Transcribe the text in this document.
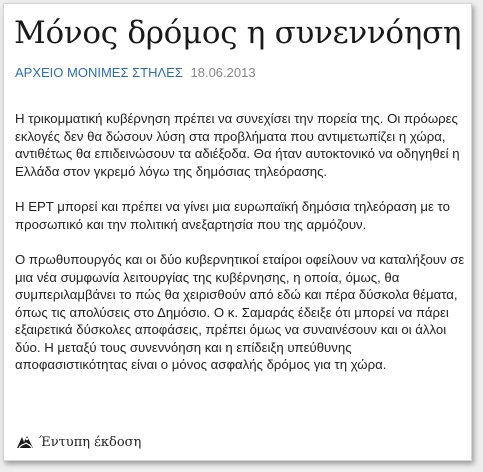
Μόνος δρόμος η συνεννόηση
ΑΡΧΕΙΟ ΜΟΝΙΜΕΣ ΣΤΗΛΕΣ 18.06.2013

Η τρικομματική κυβέρνηση πρέπει να συνεχίσει την πορεία της. Οι πρόωρες εκλογές δεν θα δώσουν λύση στα προβλήματα που αντιμετωπίζει η χώρα, αντιθέτως θα επιδεινώσουν τα αδιέξοδα. Θα ήταν αυτοκτονικό να οδηγηθεί η Ελλάδα στον γκρεμό λόγω της δημόσιας τηλεόρασης.

Η ΕΡΤ μπορεί και πρέπει να γίνει μια ευρωπαϊκή δημόσια τηλεόραση με το προσωπικό και την πολιτική ανεξαρτησία που της αρμόζουν.

Ο πρωθυπουργός και οι δύο κυβερνητικοί εταίροι οφείλουν να καταλήξουν σε μια νέα συμφωνία λειτουργίας της κυβέρνησης, η οποία, όμως, θα συμπεριλαμβάνει το πώς θα χειρισθούν από εδώ και πέρα δύσκολα θέματα, όπως τις απολύσεις στο Δημόσιο. Ο κ. Σαμαράς έδειξε ότι μπορεί να πάρει εξαιρετικά δύσκολες αποφάσεις, πρέπει όμως να συναινέσουν και οι άλλοι δύο. Η μεταξύ τους συνεννόηση και η επίδειξη υπεύθυνης αποφασιστικότητας είναι ο μόνος ασφαλής δρόμος για τη χώρα.

Έντυπη έκδοση
